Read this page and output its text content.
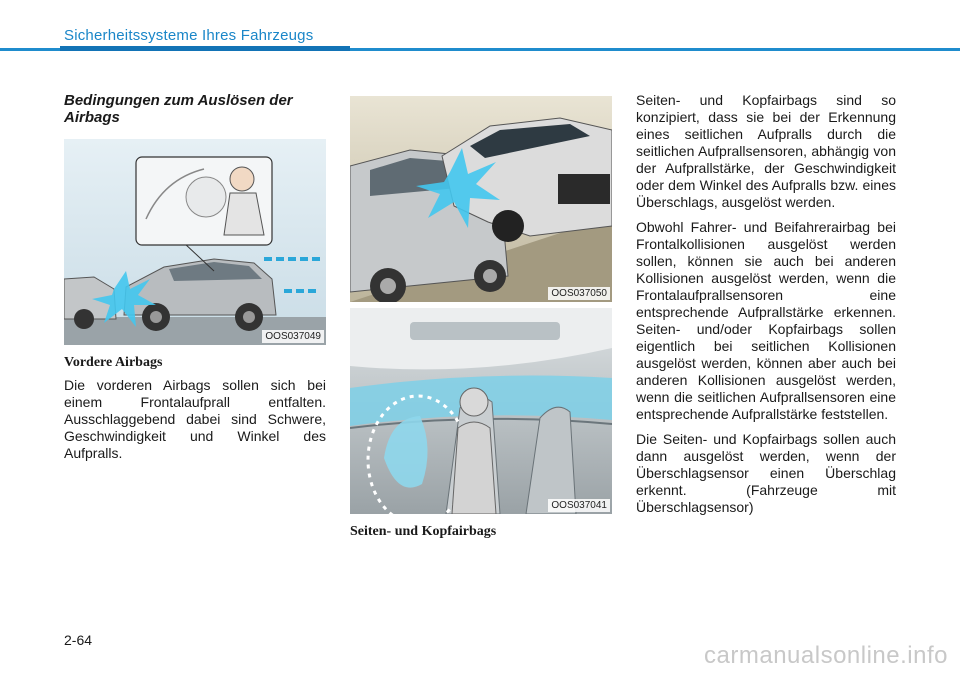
Sicherheitssysteme Ihres Fahrzeugs
Bedingungen zum Auslösen der Airbags
OOS037049
Vordere Airbags
Die vorderen Airbags sollen sich bei einem Frontalaufprall entfalten. Ausschlaggebend dabei sind Schwere, Geschwindigkeit und Winkel des Aufpralls.
OOS037050
OOS037041
Seiten- und Kopfairbags
Seiten- und Kopfairbags sind so konzipiert, dass sie bei der Erkennung eines seitlichen Aufpralls durch die seitlichen Aufprallsensoren, abhängig von der Aufprallstärke, der Geschwindigkeit oder dem Winkel des Aufpralls bzw. eines Überschlags, ausgelöst werden.
Obwohl Fahrer- und Beifahrerairbag bei Frontalkollisionen ausgelöst werden sollen, können sie auch bei anderen Kollisionen ausgelöst werden, wenn die Frontalaufprallsensoren eine entsprechende Aufprallstärke erkennen. Seiten- und/oder Kopfairbags sollen eigentlich bei seitlichen Kollisionen ausgelöst werden, können aber auch bei anderen Kollisionen ausgelöst werden, wenn die seitlichen Aufprallsensoren eine entsprechende Aufprallstärke feststellen.
Die Seiten- und Kopfairbags sollen auch dann ausgelöst werden, wenn der Überschlagsensor einen Überschlag erkennt. (Fahrzeuge mit Überschlagsensor)
2-64
carmanualsonline.info
